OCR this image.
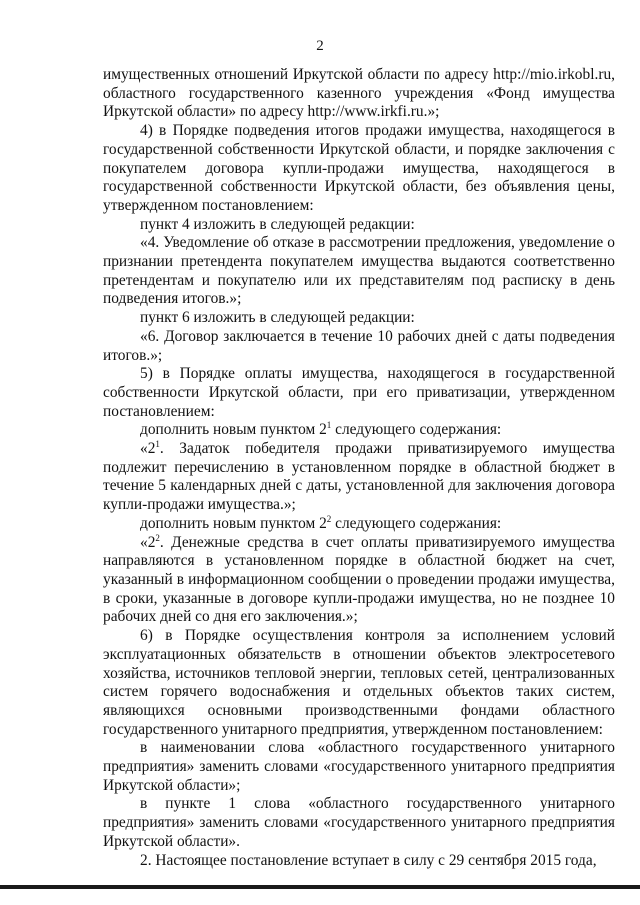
2

имущественных отношений Иркутской области по адресу http://mio.irkobl.ru, областного государственного казенного учреждения «Фонд имущества Иркутской области» по адресу http://www.irkfi.ru.»;

4) в Порядке подведения итогов продажи имущества, находящегося в государственной собственности Иркутской области, и порядке заключения с покупателем договора купли-продажи имущества, находящегося в государственной собственности Иркутской области, без объявления цены, утвержденном постановлением:

пункт 4 изложить в следующей редакции:

«4. Уведомление об отказе в рассмотрении предложения, уведомление о признании претендента покупателем имущества выдаются соответственно претендентам и покупателю или их представителям под расписку в день подведения итогов.»;

пункт 6 изложить в следующей редакции:

«6. Договор заключается в течение 10 рабочих дней с даты подведения итогов.»;

5) в Порядке оплаты имущества, находящегося в государственной собственности Иркутской области, при его приватизации, утвержденном постановлением:

дополнить новым пунктом $2^1$ следующего содержания:

«$2^1$. Задаток победителя продажи приватизируемого имущества подлежит перечислению в установленном порядке в областной бюджет в течение 5 календарных дней с даты, установленной для заключения договора купли-продажи имущества.»;

дополнить новым пунктом $2^2$ следующего содержания:

«$2^2$. Денежные средства в счет оплаты приватизируемого имущества направляются в установленном порядке в областной бюджет на счет, указанный в информационном сообщении о проведении продажи имущества, в сроки, указанные в договоре купли-продажи имущества, но не позднее 10 рабочих дней со дня его заключения.»;

6) в Порядке осуществления контроля за исполнением условий эксплуатационных обязательств в отношении объектов электросетевого хозяйства, источников тепловой энергии, тепловых сетей, централизованных систем горячего водоснабжения и отдельных объектов таких систем, являющихся основными производственными фондами областного государственного унитарного предприятия, утвержденном постановлением:

в наименовании слова «областного государственного унитарного предприятия» заменить словами «государственного унитарного предприятия Иркутской области»;

в пункте 1 слова «областного государственного унитарного предприятия» заменить словами «государственного унитарного предприятия Иркутской области».

2. Настоящее постановление вступает в силу с 29 сентября 2015 года,
